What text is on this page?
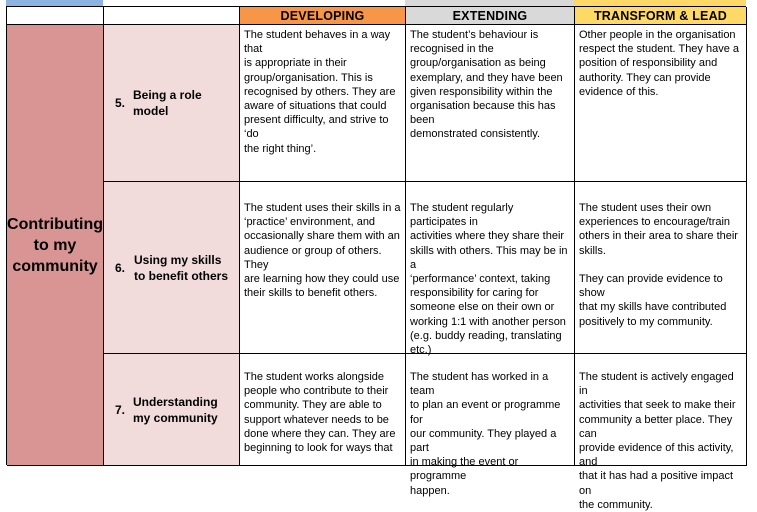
DEVELOPING	EXTENDING	TRANSFORM & LEAD
Contributing
to my
community
5.
Being a role
model
The student behaves in a way that
is appropriate in their
group/organisation. This is
recognised by others. They are
aware of situations that could
present difficulty, and strive to ‘do
the right thing’.
The student’s behaviour is
recognised in the
group/organisation as being
exemplary, and they have been
given responsibility within the
organisation because this has been
demonstrated consistently.
Other people in the organisation
respect the student. They have a
position of responsibility and
authority. They can provide
evidence of this.
6.
Using my skills
to benefit others
The student uses their skills in a
‘practice’ environment, and
occasionally share them with an
audience or group of others. They
are learning how they could use
their skills to benefit others.
The student regularly participates in
activities where they share their
skills with others. This may be in a
‘performance’ context, taking
responsibility for caring for
someone else on their own or
working 1:1 with another person
(e.g. buddy reading, translating
etc.)
The student uses their own
experiences to encourage/train
others in their area to share their
skills.

They can provide evidence to show
that my skills have contributed
positively to my community.
7.
Understanding
my community
The student works alongside
people who contribute to their
community. They are able to
support whatever needs to be
done where they can. They are
beginning to look for ways that
The student has worked in a team
to plan an event or programme for
our community. They played a part
in making the event or programme
happen.
The student is actively engaged in
activities that seek to make their
community a better place. They can
provide evidence of this activity, and
that it has had a positive impact on
the community.
